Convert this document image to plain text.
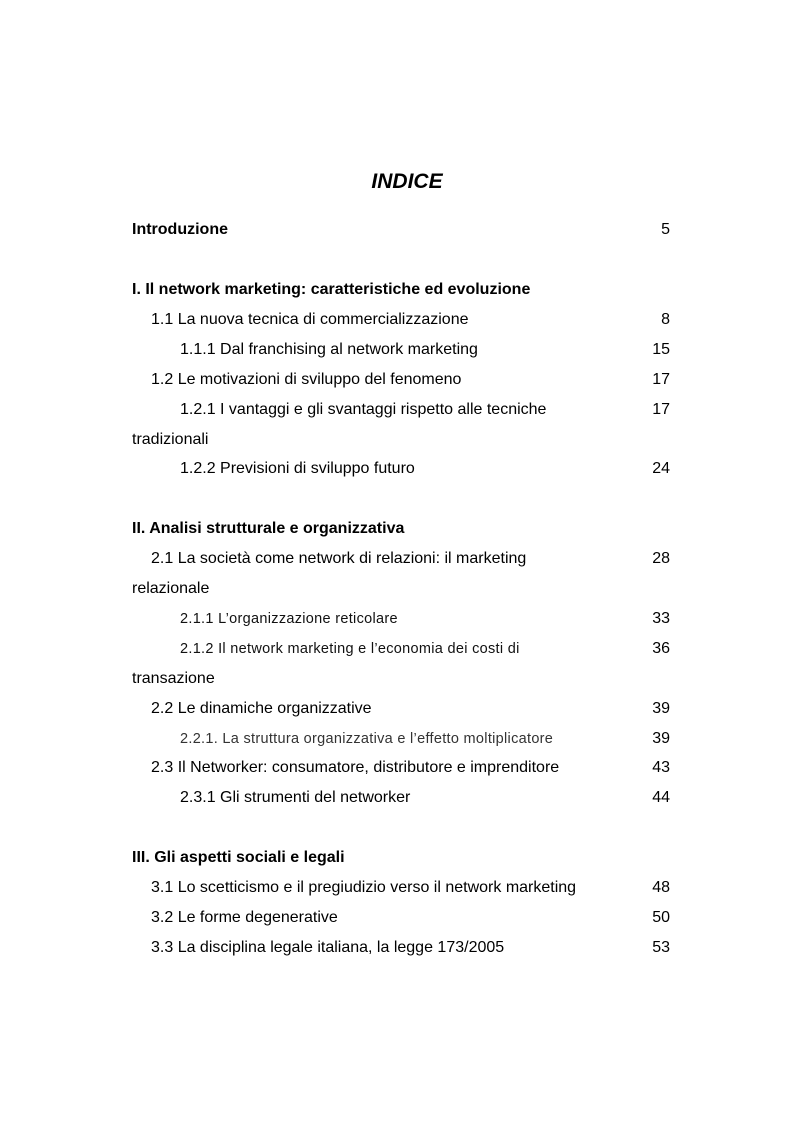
INDICE
Introduzione	5
I. Il network marketing: caratteristiche ed evoluzione
1.1 La nuova tecnica di commercializzazione	8
1.1.1 Dal franchising al network marketing	15
1.2 Le motivazioni di sviluppo del fenomeno	17
1.2.1 I vantaggi e gli svantaggi rispetto alle tecniche	17
tradizionali
1.2.2 Previsioni di sviluppo futuro	24
II. Analisi strutturale e organizzativa
2.1 La società come network di relazioni: il marketing	28
relazionale
2.1.1 L’organizzazione reticolare	33
2.1.2 Il network marketing e l’economia dei costi di	36
transazione
2.2 Le dinamiche organizzative	39
2.2.1. La struttura organizzativa e l’effetto moltiplicatore	39
2.3 Il Networker: consumatore, distributore e imprenditore	43
2.3.1 Gli strumenti del networker	44
III. Gli aspetti sociali e legali
3.1 Lo scetticismo e il pregiudizio verso il network marketing	48
3.2 Le forme degenerative	50
3.3 La disciplina legale italiana, la legge 173/2005	53
